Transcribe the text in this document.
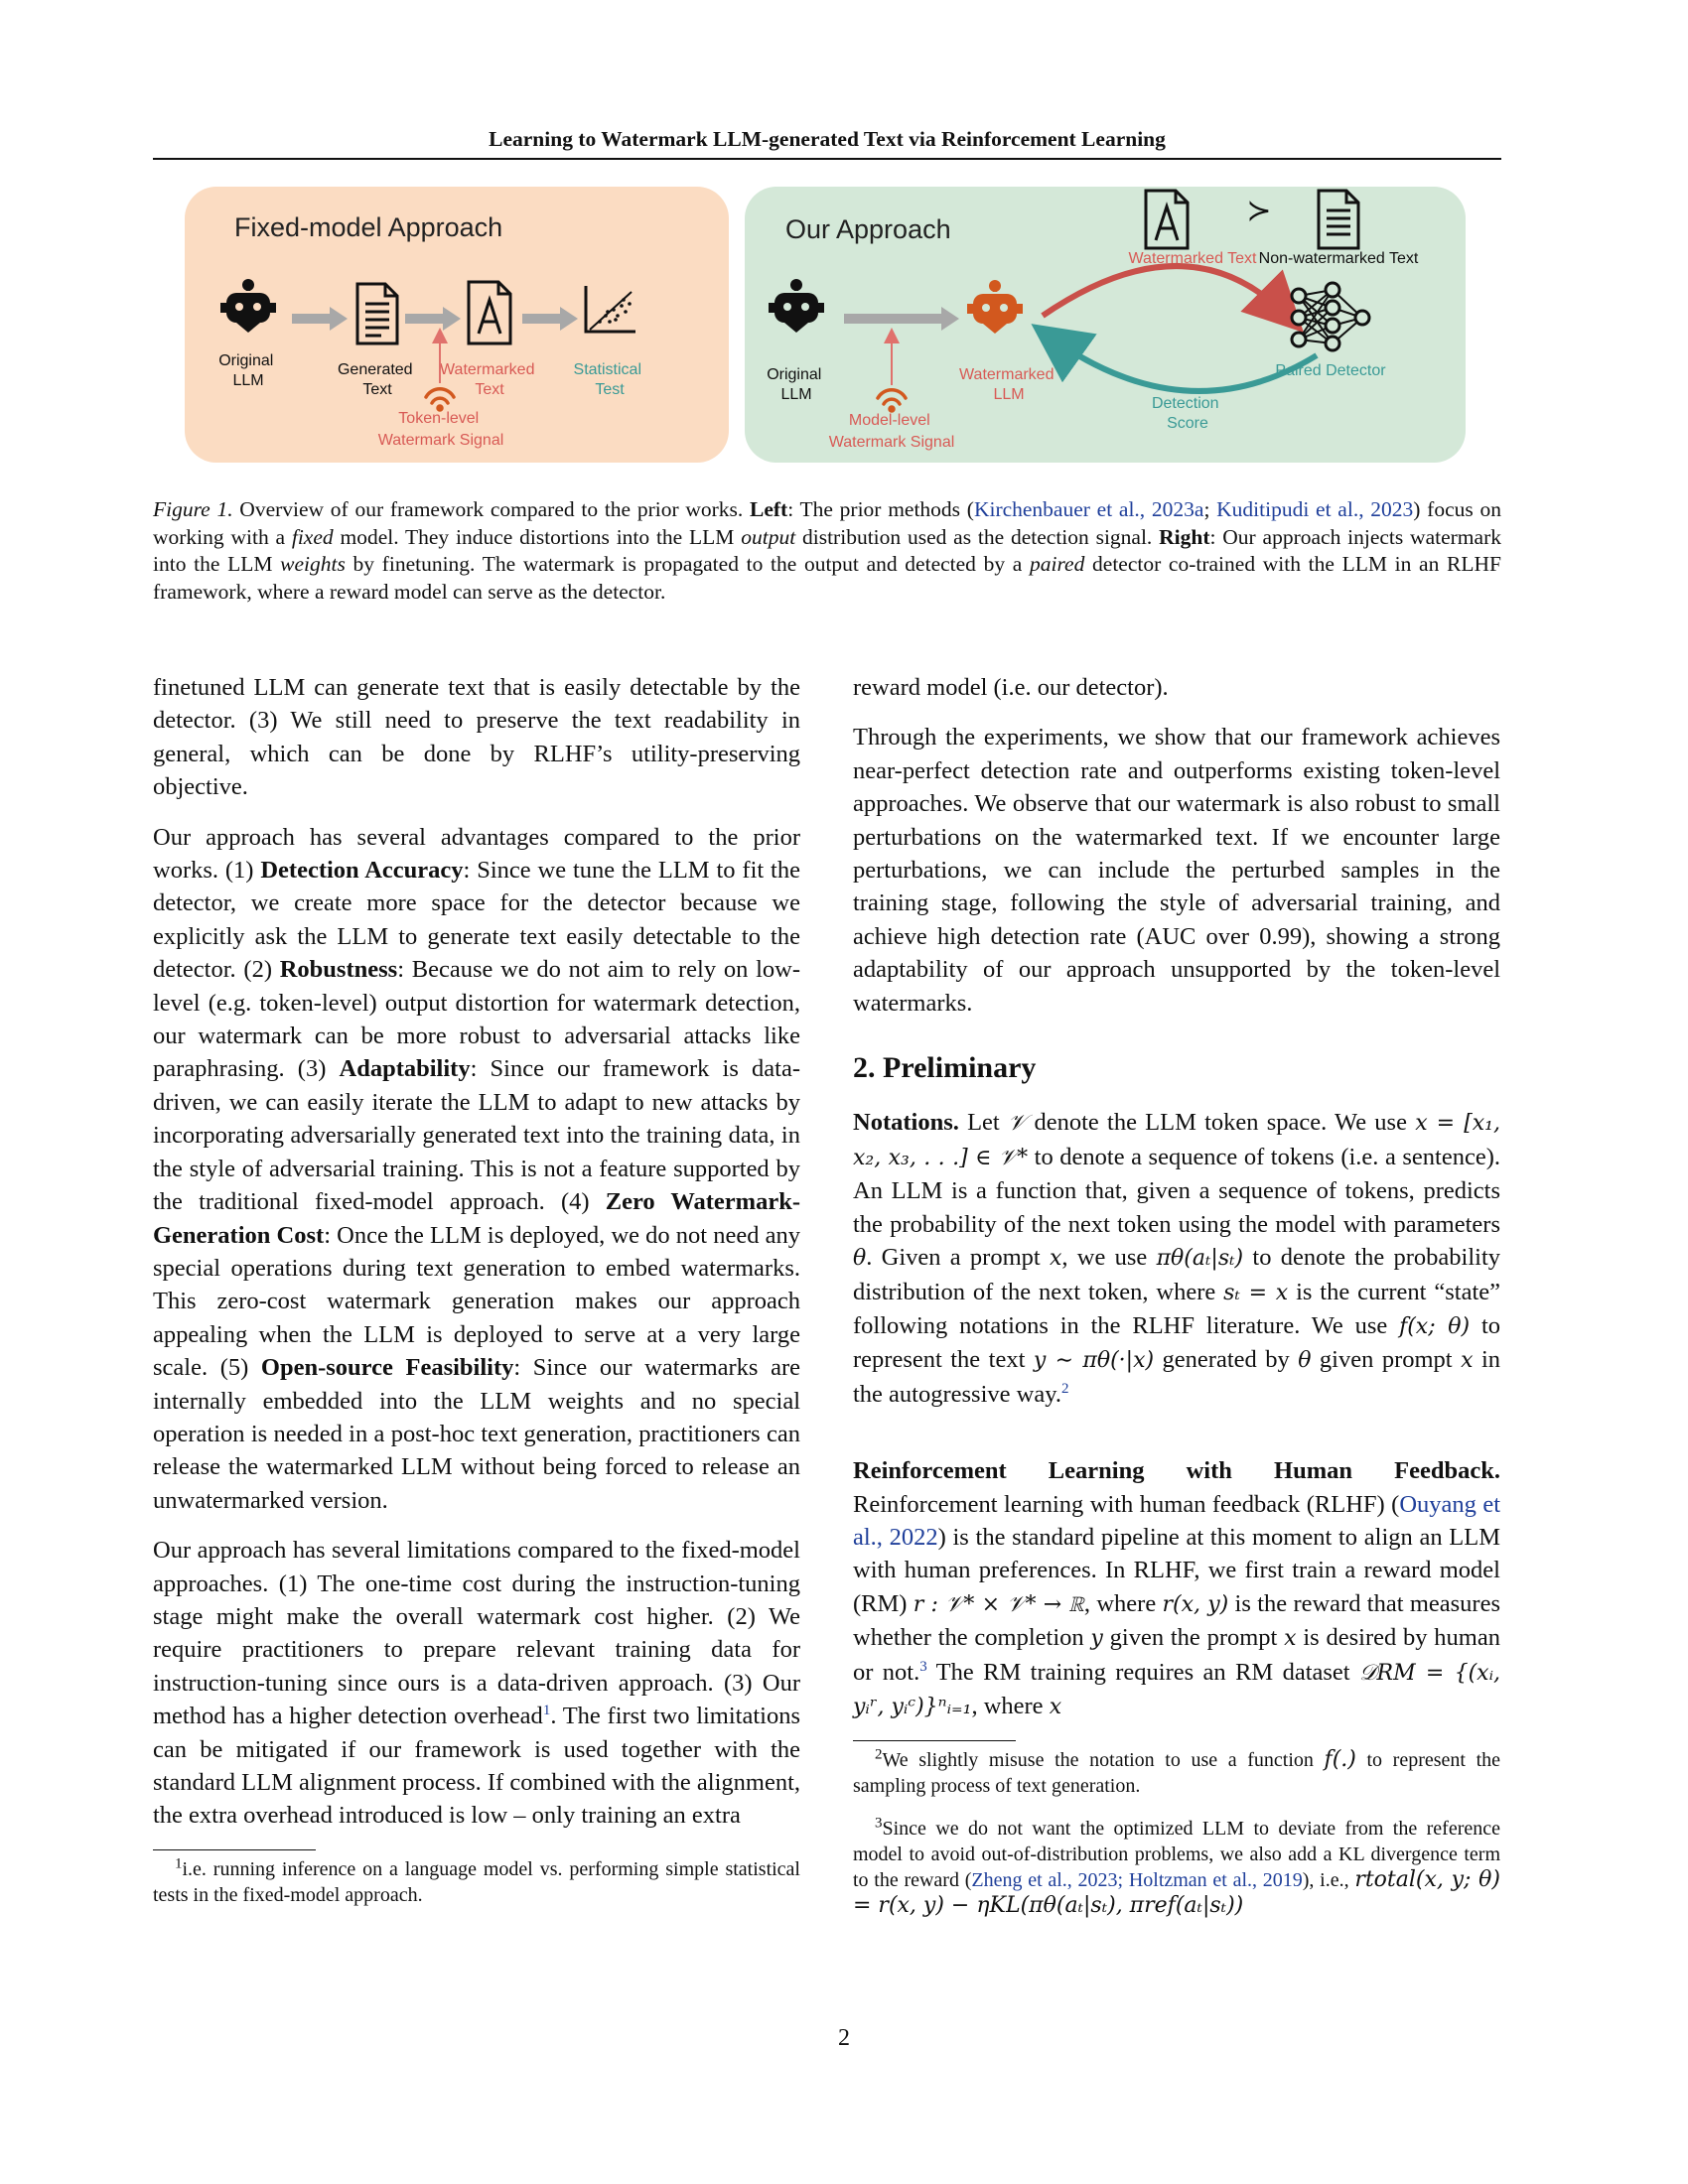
Learning to Watermark LLM-generated Text via Reinforcement Learning
Fixed-model Approach
Original LLM
Generated Text
Watermarked Text
Statistical Test
Token-level Watermark Signal
Our Approach
Original LLM
Watermarked LLM
Model-level Watermark Signal
Detection Score
Watermarked Text
≻
Non-watermarked Text
Paired Detector
Figure 1. Overview of our framework compared to the prior works. Left: The prior methods (Kirchenbauer et al., 2023a; Kuditipudi et al., 2023) focus on working with a fixed model. They induce distortions into the LLM output distribution used as the detection signal. Right: Our approach injects watermark into the LLM weights by finetuning. The watermark is propagated to the output and detected by a paired detector co-trained with the LLM in an RLHF framework, where a reward model can serve as the detector.

finetuned LLM can generate text that is easily detectable by the detector. (3) We still need to preserve the text readability in general, which can be done by RLHF’s utility-preserving objective.

Our approach has several advantages compared to the prior works. (1) Detection Accuracy: Since we tune the LLM to fit the detector, we create more space for the detector because we explicitly ask the LLM to generate text easily detectable to the detector. (2) Robustness: Because we do not aim to rely on low-level (e.g. token-level) output distortion for watermark detection, our watermark can be more robust to adversarial attacks like paraphrasing. (3) Adaptability: Since our framework is data-driven, we can easily iterate the LLM to adapt to new attacks by incorporating adversarially generated text into the training data, in the style of adversarial training. This is not a feature supported by the traditional fixed-model approach. (4) Zero Watermark-Generation Cost: Once the LLM is deployed, we do not need any special operations during text generation to embed watermarks. This zero-cost watermark generation makes our approach appealing when the LLM is deployed to serve at a very large scale. (5) Open-source Feasibility: Since our watermarks are internally embedded into the LLM weights and no special operation is needed in a post-hoc text generation, practitioners can release the watermarked LLM without being forced to release an unwatermarked version.

Our approach has several limitations compared to the fixed-model approaches. (1) The one-time cost during the instruction-tuning stage might make the overall watermark cost higher. (2) We require practitioners to prepare relevant training data for instruction-tuning since ours is a data-driven approach. (3) Our method has a higher detection overhead$^1$. The first two limitations can be mitigated if our framework is used together with the standard LLM alignment process. If combined with the alignment, the extra overhead introduced is low – only training an extra

$^1$i.e. running inference on a language model vs. performing simple statistical tests in the fixed-model approach.

reward model (i.e. our detector).

Through the experiments, we show that our framework achieves near-perfect detection rate and outperforms existing token-level approaches. We observe that our watermark is also robust to small perturbations on the watermarked text. If we encounter large perturbations, we can include the perturbed samples in the training stage, following the style of adversarial training, and achieve high detection rate (AUC over 0.99), showing a strong adaptability of our approach unsupported by the token-level watermarks.

2. Preliminary

Notations. Let 𝒱 denote the LLM token space. We use x = [x₁, x₂, x₃, . . .] ∈ 𝒱* to denote a sequence of tokens (i.e. a sentence). An LLM is a function that, given a sequence of tokens, predicts the probability of the next token using the model with parameters θ. Given a prompt x, we use πθ(aₜ|sₜ) to denote the probability distribution of the next token, where sₜ = x is the current “state” following notations in the RLHF literature. We use f(x; θ) to represent the text y ∼ πθ(·|x) generated by θ given prompt x in the autogressive way.$^2$

Reinforcement Learning with Human Feedback. Reinforcement learning with human feedback (RLHF) (Ouyang et al., 2022) is the standard pipeline at this moment to align an LLM with human preferences. In RLHF, we first train a reward model (RM) r : 𝒱* × 𝒱* → ℝ, where r(x, y) is the reward that measures whether the completion y given the prompt x is desired by human or not.$^3$ The RM training requires an RM dataset 𝒟RM = {(xᵢ, yᵢʳ, yᵢᶜ)}ⁿᵢ₌₁, where x

$^2$We slightly misuse the notation to use a function f(.) to represent the sampling process of text generation.

$^3$Since we do not want the optimized LLM to deviate from the reference model to avoid out-of-distribution problems, we also add a KL divergence term to the reward (Zheng et al., 2023; Holtzman et al., 2019), i.e., rtotal(x, y; θ) = r(x, y) − ηKL(πθ(aₜ|sₜ), πref(aₜ|sₜ))

2
